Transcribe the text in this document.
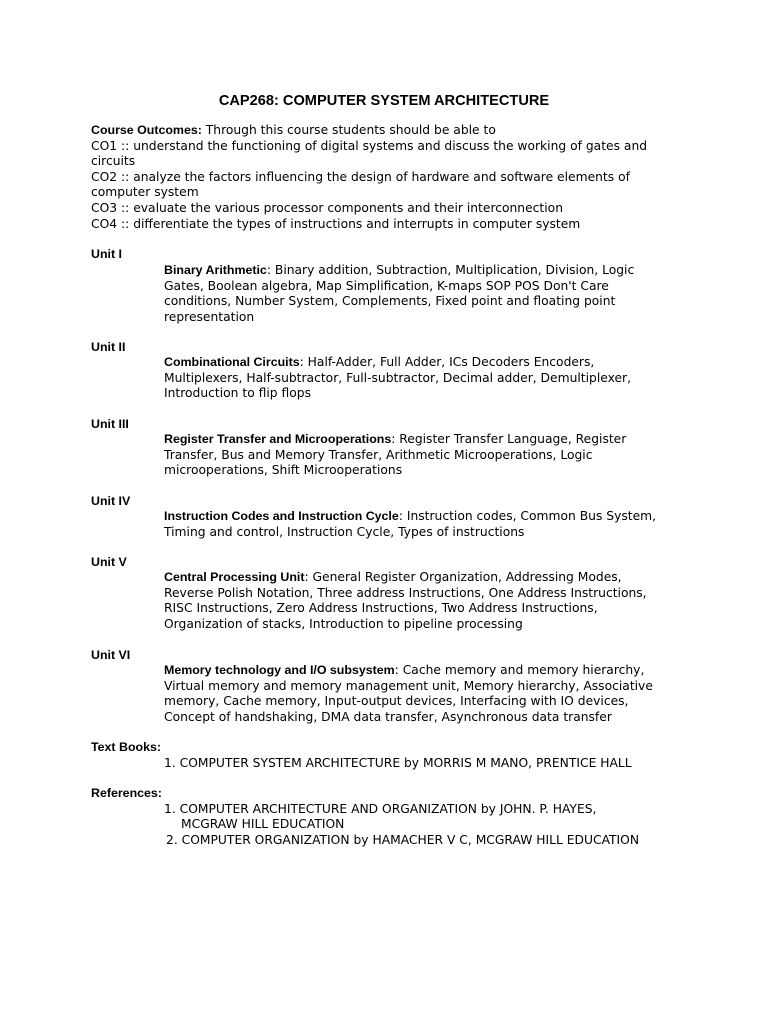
CAP268: COMPUTER SYSTEM ARCHITECTURE
Course Outcomes: Through this course students should be able to
CO1 :: understand the functioning of digital systems and discuss the working of gates and
circuits
CO2 :: analyze the factors influencing the design of hardware and software elements of
computer system
CO3 :: evaluate the various processor components and their interconnection
CO4 :: differentiate the types of instructions and interrupts in computer system
Unit I
Binary Arithmetic: Binary addition, Subtraction, Multiplication, Division, Logic
Gates, Boolean algebra, Map Simplification, K-maps SOP POS Don't Care
conditions, Number System, Complements, Fixed point and floating point
representation
Unit II
Combinational Circuits: Half-Adder, Full Adder, ICs Decoders Encoders,
Multiplexers, Half-subtractor, Full-subtractor, Decimal adder, Demultiplexer,
Introduction to flip flops
Unit III
Register Transfer and Microoperations: Register Transfer Language, Register
Transfer, Bus and Memory Transfer, Arithmetic Microoperations, Logic
microoperations, Shift Microoperations
Unit IV
Instruction Codes and Instruction Cycle: Instruction codes, Common Bus System,
Timing and control, Instruction Cycle, Types of instructions
Unit V
Central Processing Unit: General Register Organization, Addressing Modes,
Reverse Polish Notation, Three address Instructions, One Address Instructions,
RISC Instructions, Zero Address Instructions, Two Address Instructions,
Organization of stacks, Introduction to pipeline processing
Unit VI
Memory technology and I/O subsystem: Cache memory and memory hierarchy,
Virtual memory and memory management unit, Memory hierarchy, Associative
memory, Cache memory, Input-output devices, Interfacing with IO devices,
Concept of handshaking, DMA data transfer, Asynchronous data transfer
Text Books:
1. COMPUTER SYSTEM ARCHITECTURE by MORRIS M MANO, PRENTICE HALL
References:
1. COMPUTER ARCHITECTURE AND ORGANIZATION by JOHN. P. HAYES,
MCGRAW HILL EDUCATION
2. COMPUTER ORGANIZATION by HAMACHER V C, MCGRAW HILL EDUCATION
